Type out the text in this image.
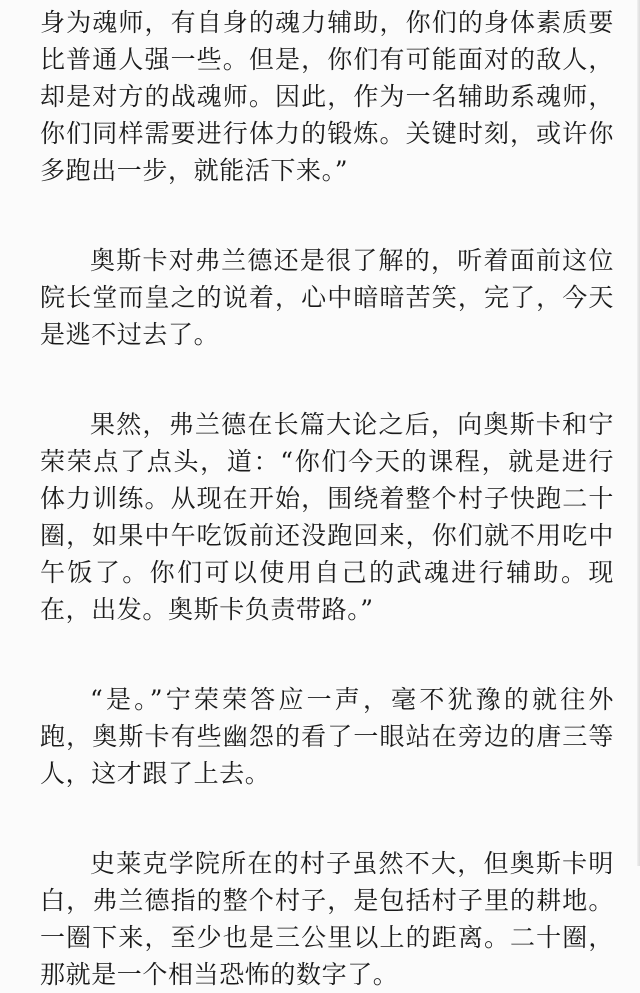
身为魂师，有自身的魂力辅助，你们的身体素质要比普通人强一些。但是，你们有可能面对的敌人，却是对方的战魂师。因此，作为一名辅助系魂师，你们同样需要进行体力的锻炼。关键时刻，或许你多跑出一步，就能活下来。”

奥斯卡对弗兰德还是很了解的，听着面前这位院长堂而皇之的说着，心中暗暗苦笑，完了，今天是逃不过去了。

果然，弗兰德在长篇大论之后，向奥斯卡和宁荣荣点了点头，道：“你们今天的课程，就是进行体力训练。从现在开始，围绕着整个村子快跑二十圈，如果中午吃饭前还没跑回来，你们就不用吃中午饭了。你们可以使用自己的武魂进行辅助。现在，出发。奥斯卡负责带路。”

“是。”宁荣荣答应一声，毫不犹豫的就往外跑，奥斯卡有些幽怨的看了一眼站在旁边的唐三等人，这才跟了上去。

史莱克学院所在的村子虽然不大，但奥斯卡明白，弗兰德指的整个村子，是包括村子里的耕地。一圈下来，至少也是三公里以上的距离。二十圈，那就是一个相当恐怖的数字了。
